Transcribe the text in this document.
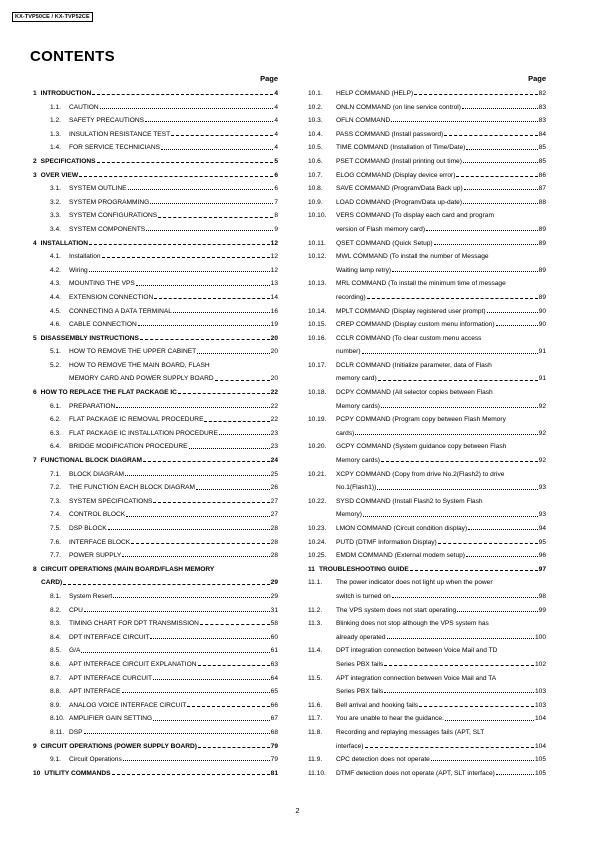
KX-TVP50CE / KX-TVP52CE
CONTENTS
Page
1 INTRODUCTION	4
1.1.	CAUTION	4
1.2.	SAFETY PRECAUTIONS	4
1.3.	INSULATION RESISTANCE TEST	4
1.4.	FOR SERVICE TECHNICIANS	4
2 SPECIFICATIONS	5
3 OVER VIEW	6
3.1.	SYSTEM OUTLINE	6
3.2.	SYSTEM PROGRAMMING	7
3.3.	SYSTEM CONFIGURATIONS	8
3.4.	SYSTEM COMPONENTS	9
4 INSTALLATION	12
4.1.	Installation	12
4.2.	Wiring	12
4.3.	MOUNTING THE VPS	13
4.4.	EXTENSION CONNECTION	14
4.5.	CONNECTING A DATA TERMINAL	16
4.6.	CABLE CONNECTION	19
5 DISASSEMBLY INSTRUCTIONS	20
5.1.	HOW TO REMOVE THE UPPER CABINET	20
5.2.	HOW TO REMOVE THE MAIN BOARD, FLASH
MEMORY CARD AND POWER SUPPLY BOARD	20
6 HOW TO REPLACE THE FLAT PACKAGE IC	22
6.1.	PREPARATION	22
6.2.	FLAT PACKAGE IC REMOVAL PROCEDURE	22
6.3.	FLAT PACKAGE IC INSTALLATION PROCEDURE	23
6.4.	BRIDGE MODIFICATION PROCEDURE	23
7 FUNCTIONAL BLOCK DIAGRAM	24
7.1.	BLOCK DIAGRAM	25
7.2.	THE FUNCTION EACH BLOCK DIAGRAM	26
7.3.	SYSTEM SPECIFICATIONS	27
7.4.	CONTROL BLOCK	27
7.5.	DSP BLOCK	28
7.6.	INTERFACE BLOCK	28
7.7.	POWER SUPPLY	28
8 CIRCUIT OPERATIONS (MAIN BOARD/FLASH MEMORY
CARD)	29
8.1.	System Resert	29
8.2.	CPU	31
8.3.	TIMING CHART FOR DPT TRANSMISSION	58
8.4.	DPT INTERFACE CIRCUIT	60
8.5.	G/A	61
8.6.	APT INTERFACE CIRCUIT EXPLANATION	63
8.7.	APT INTERFACE CURCUIT	64
8.8.	APT INTERFACE	65
8.9.	ANALOG VOICE INTERFACE CIRCUIT	66
8.10. AMPLIFIER GAIN SETTING	67
8.11. DSP	68
9 CIRCUIT OPERATIONS (POWER SUPPLY BOARD)	79
9.1.	Circuit Operations	79
10 UTILITY COMMANDS	81
Page
10.1.	HELP COMMAND (HELP)	82
10.2.	ONLN COMMAND (on line service control)	83
10.3.	OFLN COMMAND	83
10.4.	PASS COMMAND (Install password)	84
10.5.	TIME COMMAND (Installation of Time/Date)	85
10.6.	PSET COMMAND (Install printing out time)	85
10.7.	ELOG COMMAND (Display device error)	86
10.8.	SAVE COMMAND (Program/Data Back up)	87
10.9.	LOAD COMMAND (Program/Data up-date)	88
10.10.	VERS COMMAND (To display each card and program
version of Flash memory card)	89
10.11.	QSET COMMAND (Quick Setup)	89
10.12.	MWL COMMAND (To install the number of Message
Waiting lamp retry)	89
10.13.	MRL COMMAND (To install the minimum time of message
recording)	89
10.14.	MPLT COMMAND (Display registered user prompt)	90
10.15.	CREP COMMAND (Display custom menu information)	90
10.16.	CCLR COMMAND (To clear custom menu access
number)	91
10.17.	DCLR COMMAND (Initialize parameter, data of Flash
memory card)	91
10.18.	DCPY COMMAND (All selector copies between Flash
Memory cards)	92
10.19.	PCPY COMMAND (Program copy between Flash Memory
cards)	92
10.20.	GCPY COMMAND (System guidance copy between Flash
Memory cards)	92
10.21.	XCPY COMMAND (Copy from drive No.2(Flash2) to drive
No.1(Flash1))	93
10.22.	SYSD COMMAND (Install Flash2 to System Flash
Memory)	93
10.23.	LMON COMMAND (Circuit condition display)	94
10.24.	PUTD (DTMF Information Display)	95
10.25.	EMDM COMMAND (External modem setup)	96
11 TROUBLESHOOTING GUIDE	97
11.1.	The power indicator does not light up when the power
switch is turned on	98
11.2.	The VPS system does not start operating	99
11.3.	Blinking does not stop although the VPS system has
already operated	100
11.4.	DPT integration connection between Voice Mail and TD
Series PBX fails	102
11.5.	APT integration connection between Voice Mail and TA
Series PBX fails	103
11.6.	Bell arrival and hooking fails	103
11.7.	You are unable to hear the guidance.	104
11.8.	Recording and replaying messages fails (APT, SLT
interface)	104
11.9.	CPC detection does not operate	105
11.10.	DTMF detection does not operate (APT, SLT interface)	105
2
